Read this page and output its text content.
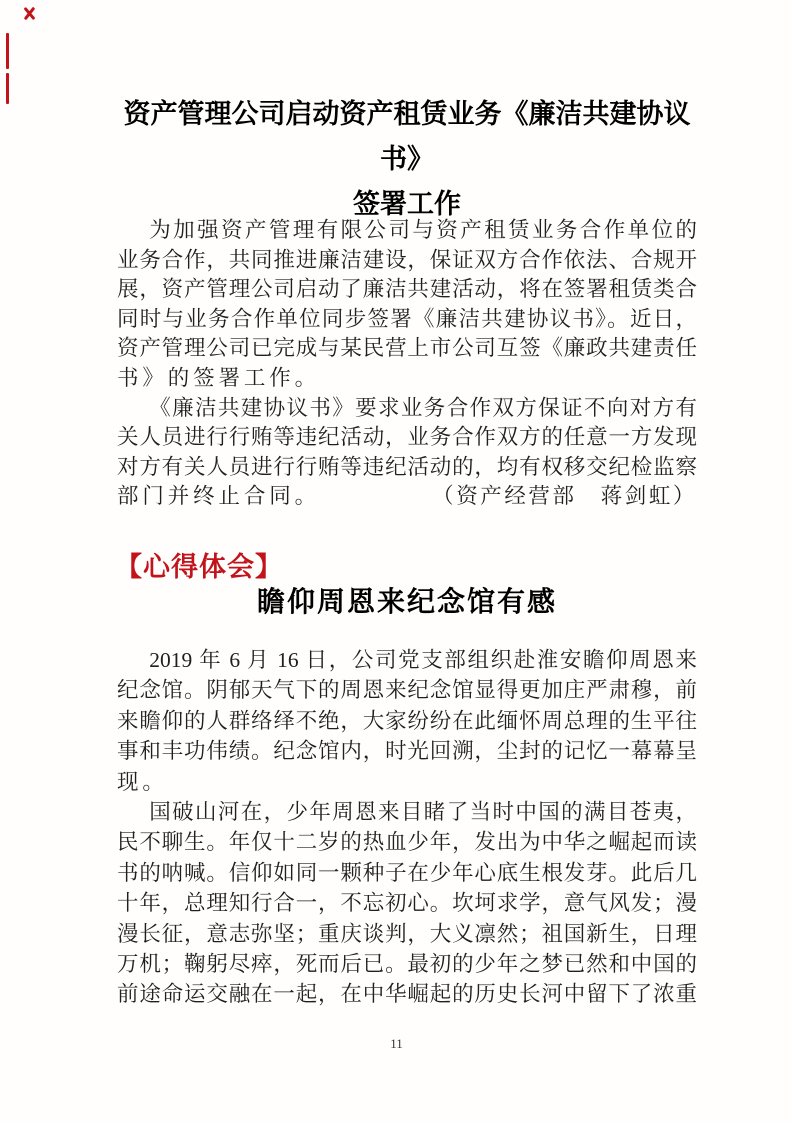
资产管理公司启动资产租赁业务《廉洁共建协议书》
签署工作
为加强资产管理有限公司与资产租赁业务合作单位的
业务合作，共同推进廉洁建设，保证双方合作依法、合规开
展，资产管理公司启动了廉洁共建活动，将在签署租赁类合
同时与业务合作单位同步签署《廉洁共建协议书》。近日，
资产管理公司已完成与某民营上市公司互签《廉政共建责任
书》的签署工作。
《廉洁共建协议书》要求业务合作双方保证不向对方有
关人员进行行贿等违纪活动，业务合作双方的任意一方发现
对方有关人员进行行贿等违纪活动的，均有权移交纪检监察
部门并终止合同。	（资产经营部　蒋剑虹）
【心得体会】
瞻仰周恩来纪念馆有感
2019 年 6 月 16 日，公司党支部组织赴淮安瞻仰周恩来
纪念馆。阴郁天气下的周恩来纪念馆显得更加庄严肃穆，前
来瞻仰的人群络绎不绝，大家纷纷在此缅怀周总理的生平往
事和丰功伟绩。纪念馆内，时光回溯，尘封的记忆一幕幕呈
现。
国破山河在，少年周恩来目睹了当时中国的满目苍夷，
民不聊生。年仅十二岁的热血少年，发出为中华之崛起而读
书的呐喊。信仰如同一颗种子在少年心底生根发芽。此后几
十年，总理知行合一，不忘初心。坎坷求学，意气风发；漫
漫长征，意志弥坚；重庆谈判，大义凛然；祖国新生，日理
万机；鞠躬尽瘁，死而后已。最初的少年之梦已然和中国的
前途命运交融在一起，在中华崛起的历史长河中留下了浓重
11
